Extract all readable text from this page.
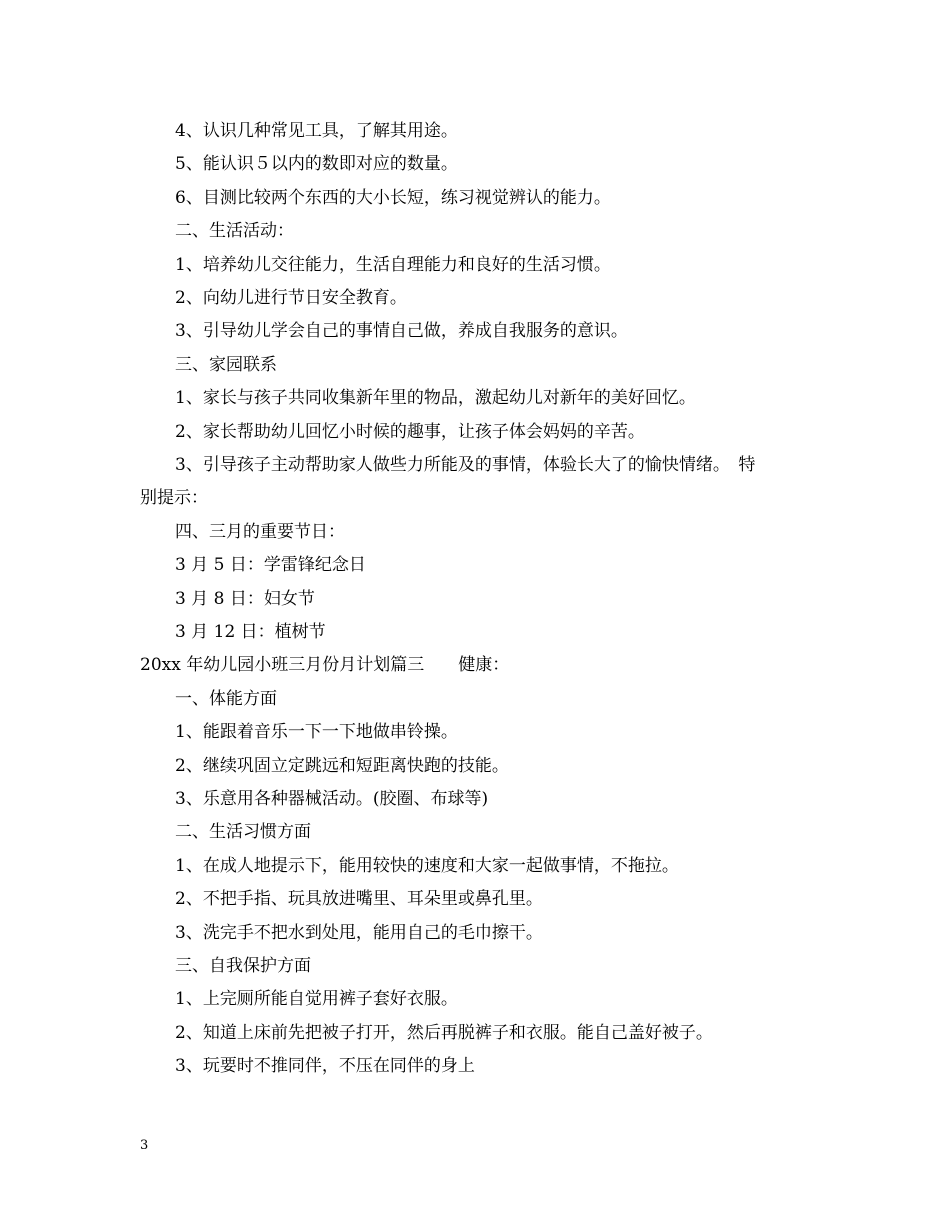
4、认识几种常见工具，了解其用途。
5、能认识５以内的数即对应的数量。
6、目测比较两个东西的大小长短，练习视觉辨认的能力。
二、生活活动：
1、培养幼儿交往能力，生活自理能力和良好的生活习惯。
2、向幼儿进行节日安全教育。
3、引导幼儿学会自己的事情自己做，养成自我服务的意识。
三、家园联系
1、家长与孩子共同收集新年里的物品，激起幼儿对新年的美好回忆。
2、家长帮助幼儿回忆小时候的趣事，让孩子体会妈妈的辛苦。
3、引导孩子主动帮助家人做些力所能及的事情，体验长大了的愉快情绪。　特
别提示：
四、三月的重要节日：
3 月 5 日：学雷锋纪念日
3 月 8 日：妇女节
3 月 12 日：植树节
20xx 年幼儿园小班三月份月计划篇三　　健康：
一、体能方面
1、能跟着音乐一下一下地做串铃操。
2、继续巩固立定跳远和短距离快跑的技能。
3、乐意用各种器械活动。(胶圈、布球等)
二、生活习惯方面
1、在成人地提示下，能用较快的速度和大家一起做事情，不拖拉。
2、不把手指、玩具放进嘴里、耳朵里或鼻孔里。
3、洗完手不把水到处甩，能用自己的毛巾擦干。
三、自我保护方面
1、上完厕所能自觉用裤子套好衣服。
2、知道上床前先把被子打开，然后再脱裤子和衣服。能自己盖好被子。
3、玩要时不推同伴，不压在同伴的身上
3
